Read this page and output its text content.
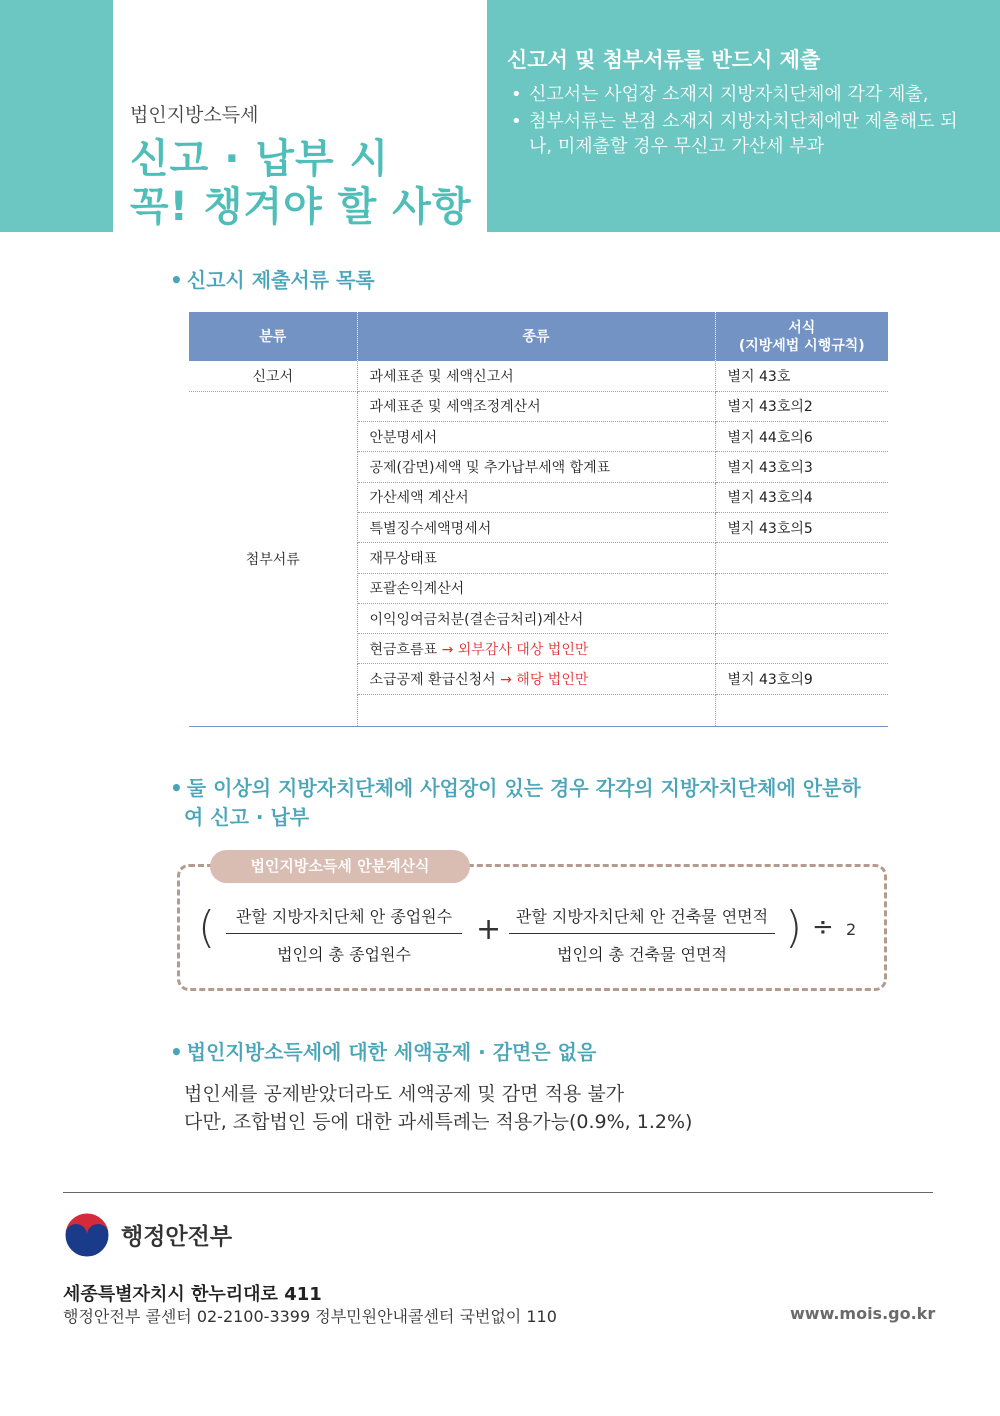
법인지방소득세
신고 · 납부 시
꼭! 챙겨야 할 사항
신고서 및 첨부서류를 반드시 제출
• 신고서는 사업장 소재지 지방자치단체에 각각 제출,
• 첨부서류는 본점 소재지 지방자치단체에만 제출해도 되나, 미제출할 경우 무신고 가산세 부과
• 신고시 제출서류 목록
분류	종류	서식
(지방세법 시행규칙)
신고서	과세표준 및 세액신고서	별지 43호
첨부서류	과세표준 및 세액조정계산서	별지 43호의2
	안분명세서	별지 44호의6
	공제(감면)세액 및 추가납부세액 합계표	별지 43호의3
	가산세액 계산서	별지 43호의4
	특별징수세액명세서	별지 43호의5
	재무상태표	
	포괄손익계산서	
	이익잉여금처분(결손금처리)계산서	
	현금흐름표 → 외부감사 대상 법인만	
	소급공제 환급신청서 → 해당 법인만	별지 43호의9

• 둘 이상의 지방자치단체에 사업장이 있는 경우 각각의 지방자치단체에 안분하
여 신고 · 납부
법인지방소득세 안분계산식
(	관할 지방자치단체 안 종업원수
법인의 총 종업원수
+ 관할 지방자치단체 안 건축물 연면적
법인의 총 건축물 연면적
) ÷ 2
• 법인지방소득세에 대한 세액공제 · 감면은 없음
법인세를 공제받았더라도 세액공제 및 감면 적용 불가
다만, 조합법인 등에 대한 과세특례는 적용가능(0.9%, 1.2%)
행정안전부
세종특별자치시 한누리대로 411
행정안전부 콜센터 02-2100-3399 정부민원안내콜센터 국번없이 110	www.mois.go.kr
